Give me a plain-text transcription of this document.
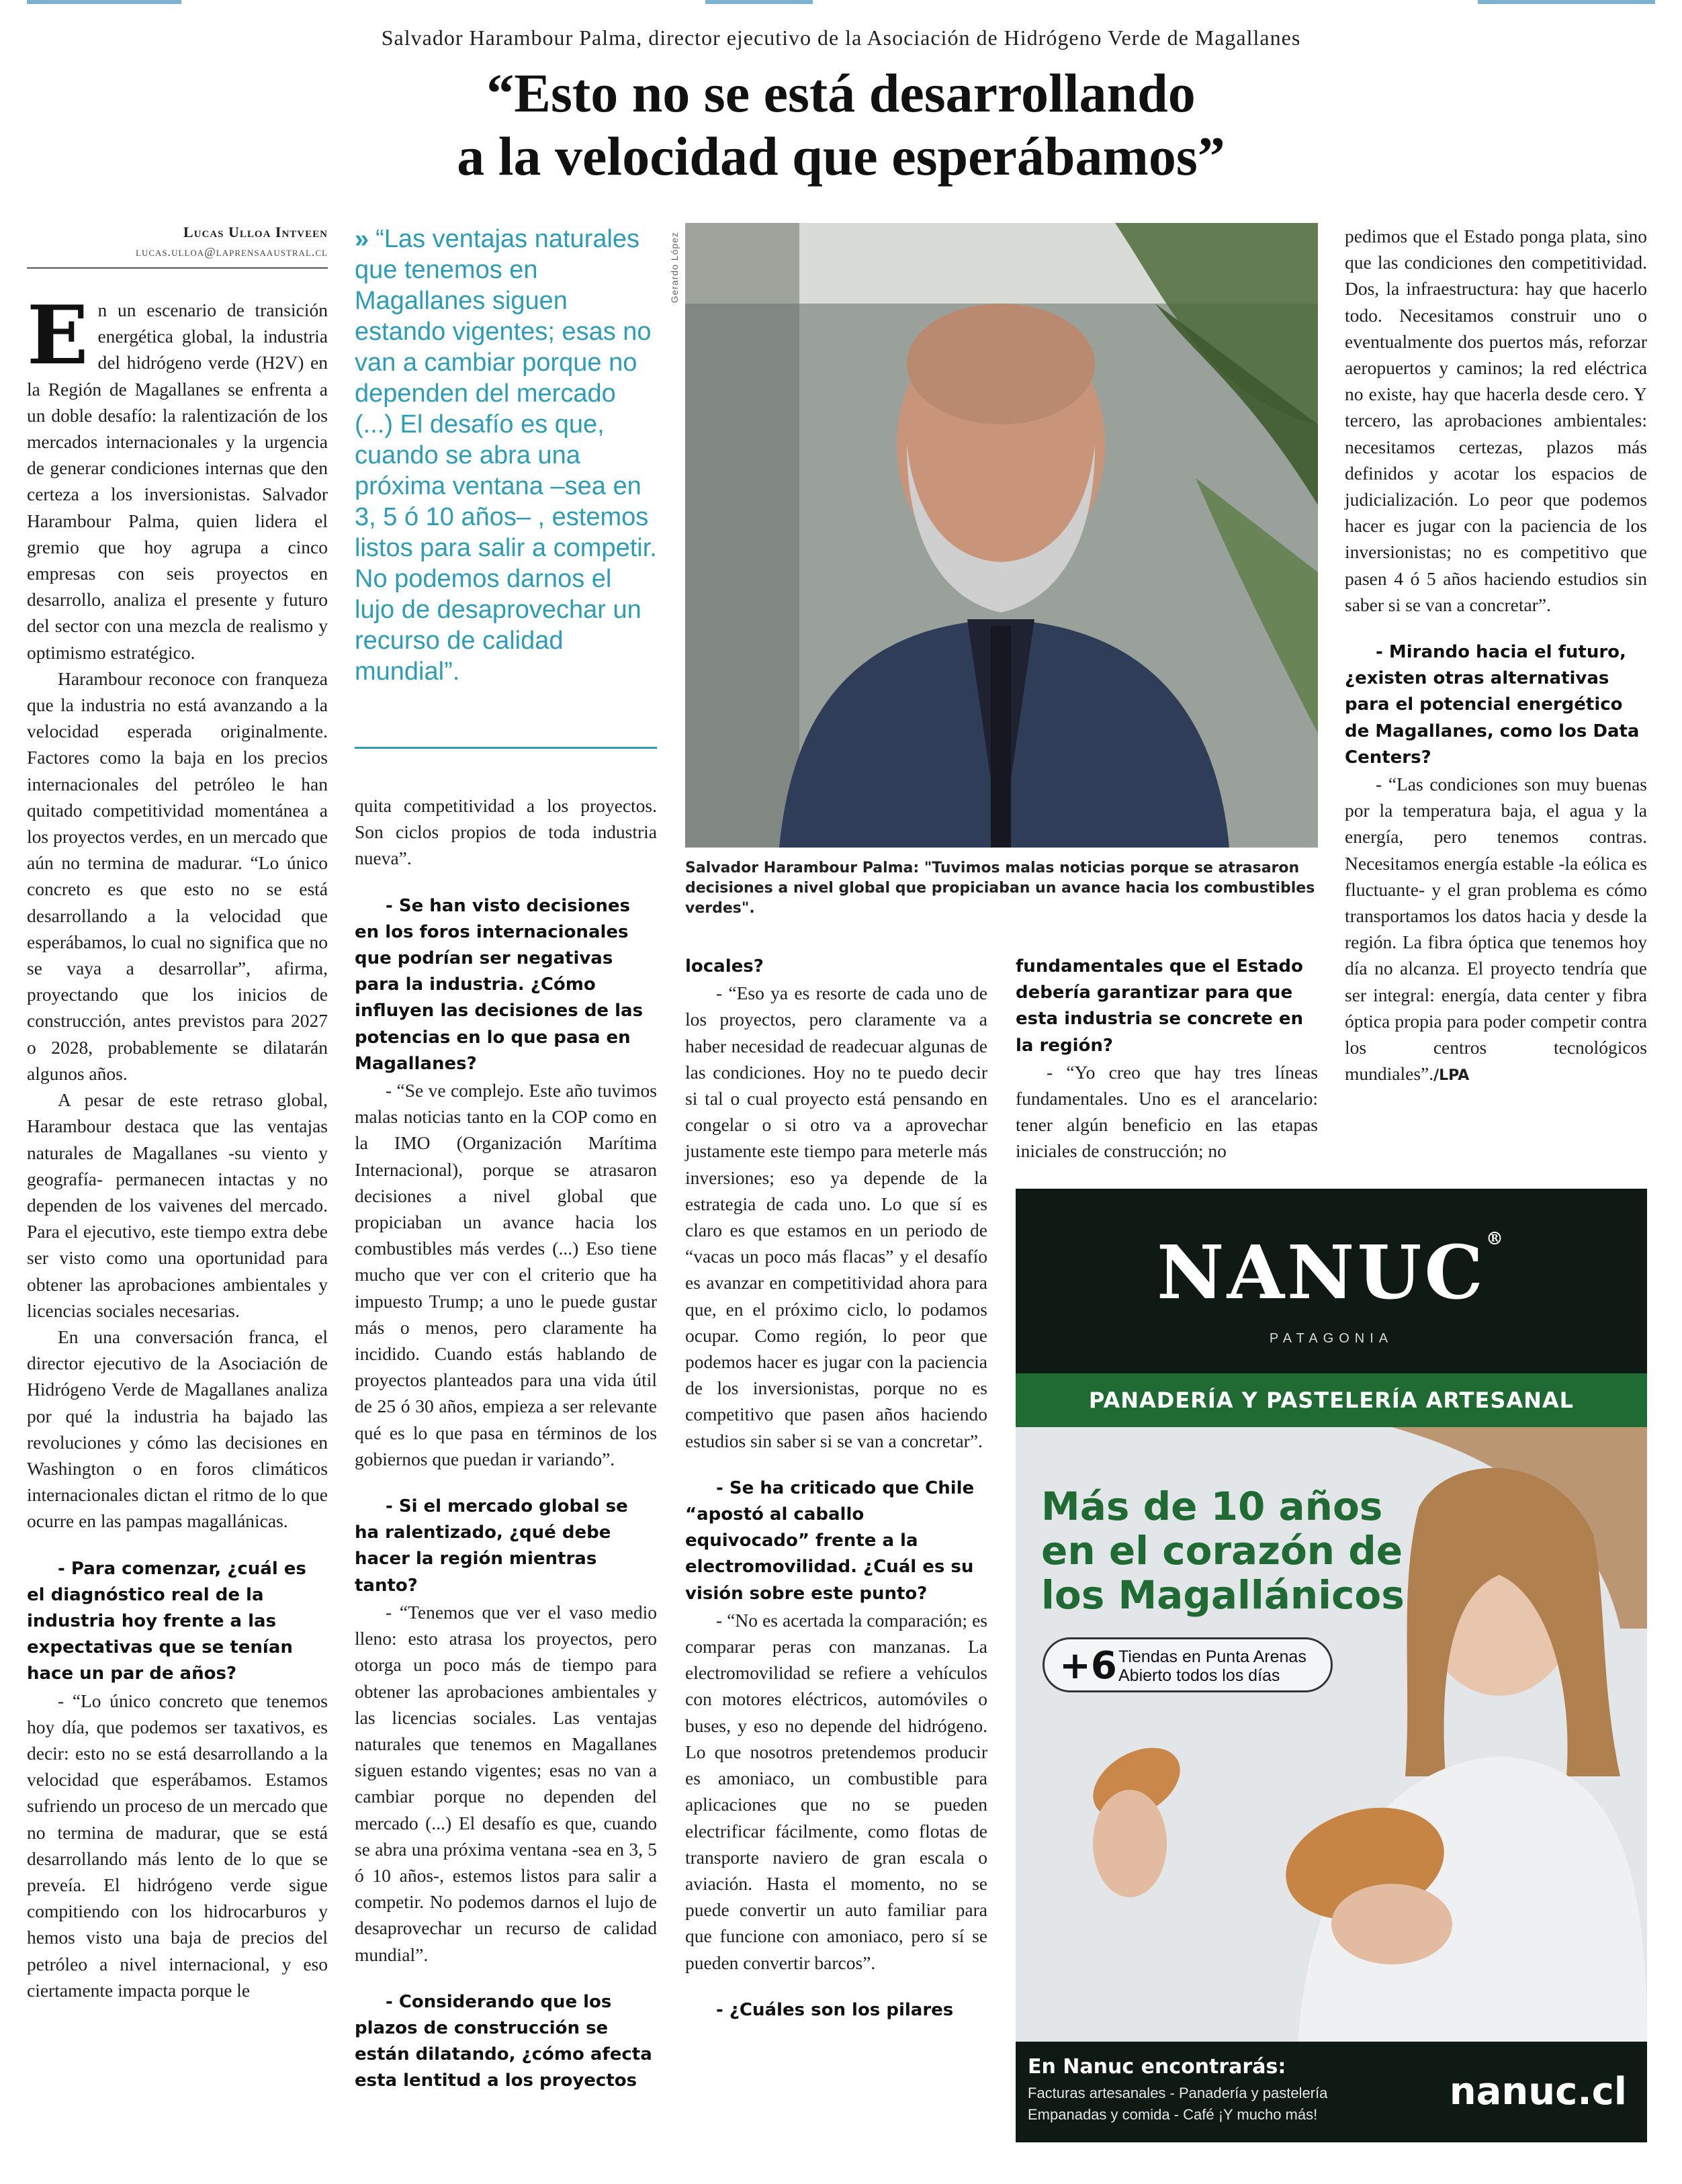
Salvador Harambour Palma, director ejecutivo de la Asociación de Hidrógeno Verde de Magallanes
“Esto no se está desarrollando
a la velocidad que esperábamos”
Lucas Ulloa Intveen
lucas.ulloa@laprensaaustral.cl

En un escenario de transición energética global, la industria del hidrógeno verde (H2V) en la Región de Magallanes se enfrenta a un doble desafío: la ralentización de los mercados internacionales y la urgencia de generar condiciones internas que den certeza a los inversionistas. Salvador Harambour Palma, quien lidera el gremio que hoy agrupa a cinco empresas con seis proyectos en desarrollo, analiza el presente y futuro del sector con una mezcla de realismo y optimismo estratégico.

Harambour reconoce con franqueza que la industria no está avanzando a la velocidad esperada originalmente. Factores como la baja en los precios internacionales del petróleo le han quitado competitividad momentánea a los proyectos verdes, en un mercado que aún no termina de madurar. “Lo único concreto es que esto no se está desarrollando a la velocidad que esperábamos, lo cual no significa que no se vaya a desarrollar”, afirma, proyectando que los inicios de construcción, antes previstos para 2027 o 2028, probablemente se dilatarán algunos años.

A pesar de este retraso global, Harambour destaca que las ventajas naturales de Magallanes -su viento y geografía- permanecen intactas y no dependen de los vaivenes del mercado. Para el ejecutivo, este tiempo extra debe ser visto como una oportunidad para obtener las aprobaciones ambientales y licencias sociales necesarias.

En una conversación franca, el director ejecutivo de la Asociación de Hidrógeno Verde de Magallanes analiza por qué la industria ha bajado las revoluciones y cómo las decisiones en Washington o en foros climáticos internacionales dictan el ritmo de lo que ocurre en las pampas magallánicas.

- Para comenzar, ¿cuál es el diagnóstico real de la industria hoy frente a las expectativas que se tenían hace un par de años?

- “Lo único concreto que tenemos hoy día, que podemos ser taxativos, es decir: esto no se está desarrollando a la velocidad que esperábamos. Estamos sufriendo un proceso de un mercado que no termina de madurar, que se está desarrollando más lento de lo que se preveía. El hidrógeno verde sigue compitiendo con los hidrocarburos y hemos visto una baja de precios del petróleo a nivel internacional, y eso ciertamente impacta porque le

» “Las ventajas naturales que tenemos en Magallanes siguen estando vigentes; esas no van a cambiar porque no dependen del mercado (...) El desafío es que, cuando se abra una próxima ventana –sea en 3, 5 ó 10 años– , estemos listos para salir a competir. No podemos darnos el lujo de desaprovechar un recurso de calidad mundial”.

quita competitividad a los proyectos. Son ciclos propios de toda industria nueva”.

- Se han visto decisiones en los foros internacionales que podrían ser negativas para la industria. ¿Cómo influyen las decisiones de las potencias en lo que pasa en Magallanes?

- “Se ve complejo. Este año tuvimos malas noticias tanto en la COP como en la IMO (Organización Marítima Internacional), porque se atrasaron decisiones a nivel global que propiciaban un avance hacia los combustibles más verdes (...) Eso tiene mucho que ver con el criterio que ha impuesto Trump; a uno le puede gustar más o menos, pero claramente ha incidido. Cuando estás hablando de proyectos planteados para una vida útil de 25 ó 30 años, empieza a ser relevante qué es lo que pasa en términos de los gobiernos que puedan ir variando”.

- Si el mercado global se ha ralentizado, ¿qué debe hacer la región mientras tanto?

- “Tenemos que ver el vaso medio lleno: esto atrasa los proyectos, pero otorga un poco más de tiempo para obtener las aprobaciones ambientales y las licencias sociales. Las ventajas naturales que tenemos en Magallanes siguen estando vigentes; esas no van a cambiar porque no dependen del mercado (...) El desafío es que, cuando se abra una próxima ventana -sea en 3, 5 ó 10 años-, estemos listos para salir a competir. No podemos darnos el lujo de desaprovechar un recurso de calidad mundial”.

- Considerando que los plazos de construcción se están dilatando, ¿cómo afecta esta lentitud a los proyectos

Gerardo López
Salvador Harambour Palma: "Tuvimos malas noticias porque se atrasaron decisiones a nivel global que propiciaban un avance hacia los combustibles verdes".

locales?

- “Eso ya es resorte de cada uno de los proyectos, pero claramente va a haber necesidad de readecuar algunas de las condiciones. Hoy no te puedo decir si tal o cual proyecto está pensando en congelar o si otro va a aprovechar justamente este tiempo para meterle más inversiones; eso ya depende de la estrategia de cada uno. Lo que sí es claro es que estamos en un periodo de “vacas un poco más flacas” y el desafío es avanzar en competitividad ahora para que, en el próximo ciclo, lo podamos ocupar. Como región, lo peor que podemos hacer es jugar con la paciencia de los inversionistas, porque no es competitivo que pasen años haciendo estudios sin saber si se van a concretar”.

- Se ha criticado que Chile “apostó al caballo equivocado” frente a la electromovilidad. ¿Cuál es su visión sobre este punto?

- “No es acertada la comparación; es comparar peras con manzanas. La electromovilidad se refiere a vehículos con motores eléctricos, automóviles o buses, y eso no depende del hidrógeno. Lo que nosotros pretendemos producir es amoniaco, un combustible para aplicaciones que no se pueden electrificar fácilmente, como flotas de transporte naviero de gran escala o aviación. Hasta el momento, no se puede convertir un auto familiar para que funcione con amoniaco, pero sí se pueden convertir barcos”.

- ¿Cuáles son los pilares

fundamentales que el Estado debería garantizar para que esta industria se concrete en la región?

- “Yo creo que hay tres líneas fundamentales. Uno es el arancelario: tener algún beneficio en las etapas iniciales de construcción; no

pedimos que el Estado ponga plata, sino que las condiciones den competitividad. Dos, la infraestructura: hay que hacerlo todo. Necesitamos construir uno o eventualmente dos puertos más, reforzar aeropuertos y caminos; la red eléctrica no existe, hay que hacerla desde cero. Y tercero, las aprobaciones ambientales: necesitamos certezas, plazos más definidos y acotar los espacios de judicialización. Lo peor que podemos hacer es jugar con la paciencia de los inversionistas; no es competitivo que pasen 4 ó 5 años haciendo estudios sin saber si se van a concretar”.

- Mirando hacia el futuro, ¿existen otras alternativas para el potencial energético de Magallanes, como los Data Centers?

- “Las condiciones son muy buenas por la temperatura baja, el agua y la energía, pero tenemos contras. Necesitamos energía estable -la eólica es fluctuante- y el gran problema es cómo transportamos los datos hacia y desde la región. La fibra óptica que tenemos hoy día no alcanza. El proyecto tendría que ser integral: energía, data center y fibra óptica propia para poder competir contra los centros tecnológicos mundiales”./LPA

NANUC®
PATAGONIA
PANADERÍA Y PASTELERÍA ARTESANAL
Más de 10 años en el corazón de los Magallánicos
+6 Tiendas en Punta Arenas
Abierto todos los días
En Nanuc encontrarás:
Facturas artesanales - Panadería y pastelería
Empanadas y comida - Café ¡Y mucho más!
nanuc.cl
